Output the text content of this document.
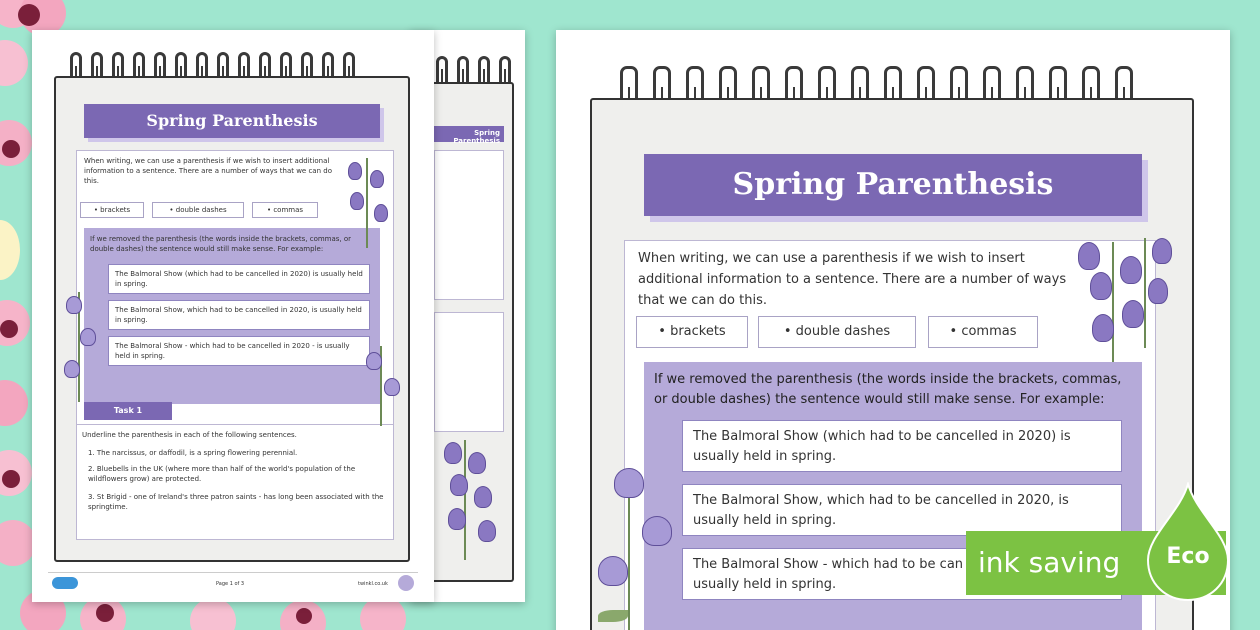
Spring Parenthesis
Spring Parenthesis
When writing, we can use a parenthesis if we wish to insert additional information to a sentence. There are a number of ways that we can do this.
• brackets	• double dashes	• commas
If we removed the parenthesis (the words inside the brackets, commas, or double dashes) the sentence would still make sense. For example:
The Balmoral Show (which had to be cancelled in 2020) is usually held in spring.
The Balmoral Show, which had to be cancelled in 2020, is usually held in spring.
The Balmoral Show - which had to be cancelled in 2020 - is usually held in spring.
Task 1
Underline the parenthesis in each of the following sentences.
1. The narcissus, or daffodil, is a spring flowering perennial.
2. Bluebells in the UK (where more than half of the world's population of the wildflowers grow) are protected.
3. St Brigid - one of Ireland's three patron saints - has long been associated with the springtime.
Page 1 of 3	twinkl.co.uk
Spring Parenthesis
When writing, we can use a parenthesis if we wish to insert
additional information to a sentence. There are a number of ways
that we can do this.
• brackets	• double dashes	• commas
If we removed the parenthesis (the words inside the brackets, commas,
or double dashes) the sentence would still make sense. For example:
The Balmoral Show (which had to be cancelled in 2020) is
usually held in spring.
The Balmoral Show, which had to be cancelled in 2020, is
usually held in spring.
The Balmoral Show - which had to be can
usually held in spring.
ink saving	Eco
